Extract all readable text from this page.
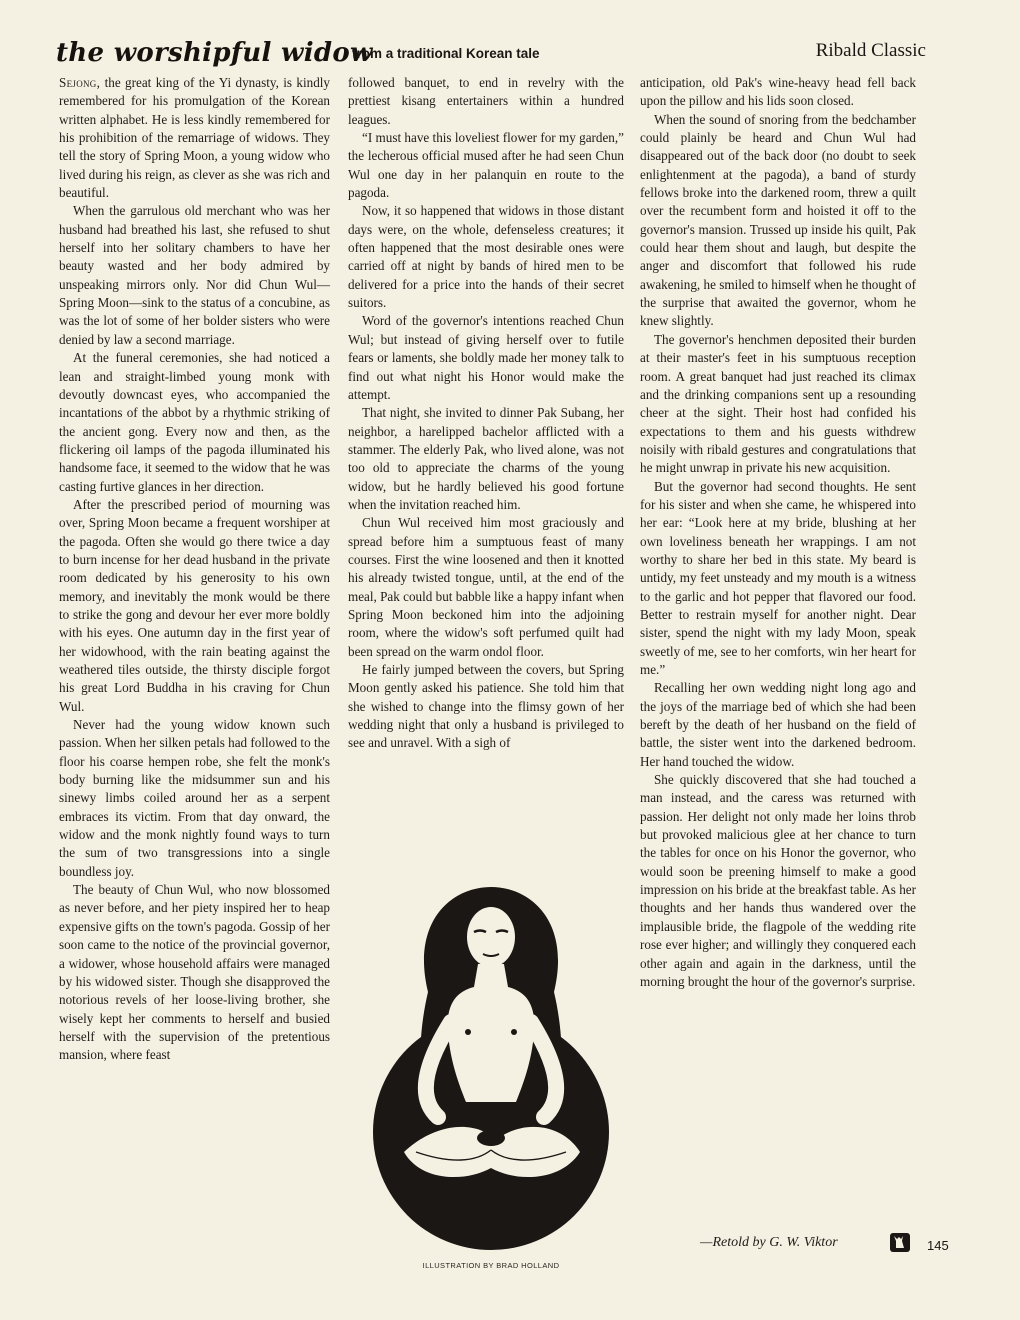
the worshipful widow
from a traditional Korean tale	Ribald Classic

Sejong, the great king of the Yi dynasty, is kindly remembered for his promulgation of the Korean written alphabet. He is less kindly remembered for his prohibition of the remarriage of widows. They tell the story of Spring Moon, a young widow who lived during his reign, as clever as she was rich and beautiful.

When the garrulous old merchant who was her husband had breathed his last, she refused to shut herself into her solitary chambers to have her beauty wasted and her body admired by unspeaking mirrors only. Nor did Chun Wul—Spring Moon—sink to the status of a concubine, as was the lot of some of her bolder sisters who were denied by law a second marriage.

At the funeral ceremonies, she had noticed a lean and straight-limbed young monk with devoutly downcast eyes, who accompanied the incantations of the abbot by a rhythmic striking of the ancient gong. Every now and then, as the flickering oil lamps of the pagoda illuminated his handsome face, it seemed to the widow that he was casting furtive glances in her direction.

After the prescribed period of mourning was over, Spring Moon became a frequent worshiper at the pagoda. Often she would go there twice a day to burn incense for her dead husband in the private room dedicated by his generosity to his own memory, and inevitably the monk would be there to strike the gong and devour her ever more boldly with his eyes. One autumn day in the first year of her widowhood, with the rain beating against the weathered tiles outside, the thirsty disciple forgot his great Lord Buddha in his craving for Chun Wul.

Never had the young widow known such passion. When her silken petals had followed to the floor his coarse hempen robe, she felt the monk's body burning like the midsummer sun and his sinewy limbs coiled around her as a serpent embraces its victim. From that day onward, the widow and the monk nightly found ways to turn the sum of two transgressions into a single boundless joy.

The beauty of Chun Wul, who now blossomed as never before, and her piety inspired her to heap expensive gifts on the town's pagoda. Gossip of her soon came to the notice of the provincial governor, a widower, whose household affairs were managed by his widowed sister. Though she disapproved the notorious revels of her loose-living brother, she wisely kept her comments to herself and busied herself with the supervision of the pretentious mansion, where feast

followed banquet, to end in revelry with the prettiest kisang entertainers within a hundred leagues.

“I must have this loveliest flower for my garden,” the lecherous official mused after he had seen Chun Wul one day in her palanquin en route to the pagoda.

Now, it so happened that widows in those distant days were, on the whole, defenseless creatures; it often happened that the most desirable ones were carried off at night by bands of hired men to be delivered for a price into the hands of their secret suitors.

Word of the governor's intentions reached Chun Wul; but instead of giving herself over to futile fears or laments, she boldly made her money talk to find out what night his Honor would make the attempt.

That night, she invited to dinner Pak Subang, her neighbor, a harelipped bachelor afflicted with a stammer. The elderly Pak, who lived alone, was not too old to appreciate the charms of the young widow, but he hardly believed his good fortune when the invitation reached him.

Chun Wul received him most graciously and spread before him a sumptuous feast of many courses. First the wine loosened and then it knotted his already twisted tongue, until, at the end of the meal, Pak could but babble like a happy infant when Spring Moon beckoned him into the adjoining room, where the widow's soft perfumed quilt had been spread on the warm ondol floor.

He fairly jumped between the covers, but Spring Moon gently asked his patience. She told him that she wished to change into the flimsy gown of her wedding night that only a husband is privileged to see and unravel. With a sigh of

anticipation, old Pak's wine-heavy head fell back upon the pillow and his lids soon closed.

When the sound of snoring from the bedchamber could plainly be heard and Chun Wul had disappeared out of the back door (no doubt to seek enlightenment at the pagoda), a band of sturdy fellows broke into the darkened room, threw a quilt over the recumbent form and hoisted it off to the governor's mansion. Trussed up inside his quilt, Pak could hear them shout and laugh, but despite the anger and discomfort that followed his rude awakening, he smiled to himself when he thought of the surprise that awaited the governor, whom he knew slightly.

The governor's henchmen deposited their burden at their master's feet in his sumptuous reception room. A great banquet had just reached its climax and the drinking companions sent up a resounding cheer at the sight. Their host had confided his expectations to them and his guests withdrew noisily with ribald gestures and congratulations that he might unwrap in private his new acquisition.

But the governor had second thoughts. He sent for his sister and when she came, he whispered into her ear: “Look here at my bride, blushing at her own loveliness beneath her wrappings. I am not worthy to share her bed in this state. My beard is untidy, my feet unsteady and my mouth is a witness to the garlic and hot pepper that flavored our food. Better to restrain myself for another night. Dear sister, spend the night with my lady Moon, speak sweetly of me, see to her comforts, win her heart for me.”

Recalling her own wedding night long ago and the joys of the marriage bed of which she had been bereft by the death of her husband on the field of battle, the sister went into the darkened bedroom. Her hand touched the widow.

She quickly discovered that she had touched a man instead, and the caress was returned with passion. Her delight not only made her loins throb but provoked malicious glee at her chance to turn the tables for once on his Honor the governor, who would soon be preening himself to make a good impression on his bride at the breakfast table. As her thoughts and her hands thus wandered over the implausible bride, the flagpole of the wedding rite rose ever higher; and willingly they conquered each other again and again in the darkness, until the morning brought the hour of the governor's surprise.

ILLUSTRATION BY BRAD HOLLAND
—Retold by G. W. Viktor	145
